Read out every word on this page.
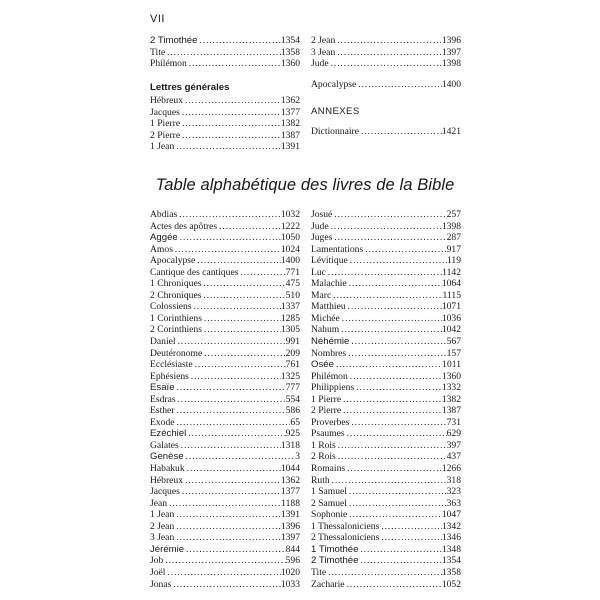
VII
2 Timothée . . .	1354
Tite . . .	1358
Philémon . . .	1360
Lettres générales
Hébreux . . .	1362
Jacques . . .	1377
1 Pierre . . .	1382
2 Pierre . . .	1387
1 Jean . . .	1391
2 Jean . . .	1396
3 Jean . . .	1397
Jude . . .	1398
Apocalypse . . .	1400
ANNEXES
Dictionnaire . . .	1421
Table alphabétique des livres de la Bible
Abdias . . .	1032
Actes des apôtres . . .	1222
Aggée . . .	1050
Amos . . .	1024
Apocalypse . . .	1400
Cantique des cantiques . . .	771
1 Chroniques . . .	475
2 Chroniques . . .	510
Colossiens . . .	1337
1 Corinthiens . . .	1285
2 Corinthiens . . .	1305
Daniel . . .	991
Deutéronome . . .	209
Ecclésiaste . . .	761
Ephésiens . . .	1325
Esaïe . . .	777
Esdras . . .	554
Esther . . .	586
Exode . . .	65
Ezéchiel . . .	925
Galates . . .	1318
Genèse . . .	3
Habakuk . . .	1044
Hébreux . . .	1362
Jacques . . .	1377
Jean . . .	1188
1 Jean . . .	1391
2 Jean . . .	1396
3 Jean . . .	1397
Jérémie . . .	844
Job . . .	596
Joël . . .	1020
Jonas . . .	1033
Josué . . .	257
Jude . . .	1398
Juges . . .	287
Lamentations . . .	917
Lévitique . . .	119
Luc . . .	1142
Malachie . . .	1064
Marc . . .	1115
Matthieu . . .	1071
Michée . . .	1036
Nahum . . .	1042
Néhémie . . .	567
Nombres . . .	157
Osée . . .	1011
Philémon . . .	1360
Philippiens . . .	1332
1 Pierre . . .	1382
2 Pierre . . .	1387
Proverbes . . .	731
Psaumes . . .	629
1 Rois . . .	397
2 Rois . . .	437
Romains . . .	1266
Ruth . . .	318
1 Samuel . . .	323
2 Samuel . . .	363
Sophonie . . .	1047
1 Thessaloniciens . . .	1342
2 Thessaloniciens . . .	1346
1 Timothée . . .	1348
2 Timothée . . .	1354
Tite . . .	1358
Zacharie . . .	1052
